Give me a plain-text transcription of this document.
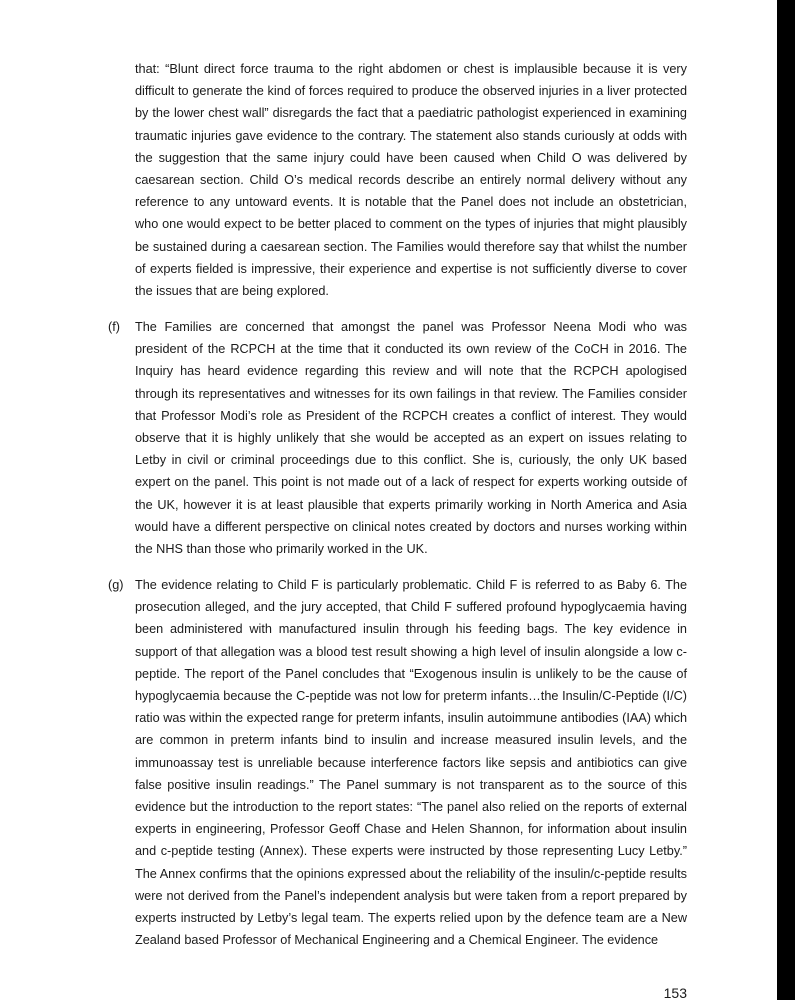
that: “Blunt direct force trauma to the right abdomen or chest is implausible because it is very difficult to generate the kind of forces required to produce the observed injuries in a liver protected by the lower chest wall” disregards the fact that a paediatric pathologist experienced in examining traumatic injuries gave evidence to the contrary. The statement also stands curiously at odds with the suggestion that the same injury could have been caused when Child O was delivered by caesarean section. Child O’s medical records describe an entirely normal delivery without any reference to any untoward events. It is notable that the Panel does not include an obstetrician, who one would expect to be better placed to comment on the types of injuries that might plausibly be sustained during a caesarean section. The Families would therefore say that whilst the number of experts fielded is impressive, their experience and expertise is not sufficiently diverse to cover the issues that are being explored.

(f) The Families are concerned that amongst the panel was Professor Neena Modi who was president of the RCPCH at the time that it conducted its own review of the CoCH in 2016. The Inquiry has heard evidence regarding this review and will note that the RCPCH apologised through its representatives and witnesses for its own failings in that review. The Families consider that Professor Modi’s role as President of the RCPCH creates a conflict of interest. They would observe that it is highly unlikely that she would be accepted as an expert on issues relating to Letby in civil or criminal proceedings due to this conflict. She is, curiously, the only UK based expert on the panel. This point is not made out of a lack of respect for experts working outside of the UK, however it is at least plausible that experts primarily working in North America and Asia would have a different perspective on clinical notes created by doctors and nurses working within the NHS than those who primarily worked in the UK.

(g) The evidence relating to Child F is particularly problematic. Child F is referred to as Baby 6. The prosecution alleged, and the jury accepted, that Child F suffered profound hypoglycaemia having been administered with manufactured insulin through his feeding bags. The key evidence in support of that allegation was a blood test result showing a high level of insulin alongside a low c-peptide. The report of the Panel concludes that “Exogenous insulin is unlikely to be the cause of hypoglycaemia because the C-peptide was not low for preterm infants…the Insulin/C-Peptide (I/C) ratio was within the expected range for preterm infants, insulin autoimmune antibodies (IAA) which are common in preterm infants bind to insulin and increase measured insulin levels, and the immunoassay test is unreliable because interference factors like sepsis and antibiotics can give false positive insulin readings.” The Panel summary is not transparent as to the source of this evidence but the introduction to the report states: “The panel also relied on the reports of external experts in engineering, Professor Geoff Chase and Helen Shannon, for information about insulin and c-peptide testing (Annex). These experts were instructed by those representing Lucy Letby.” The Annex confirms that the opinions expressed about the reliability of the insulin/c-peptide results were not derived from the Panel’s independent analysis but were taken from a report prepared by experts instructed by Letby’s legal team. The experts relied upon by the defence team are a New Zealand based Professor of Mechanical Engineering and a Chemical Engineer. The evidence

153
